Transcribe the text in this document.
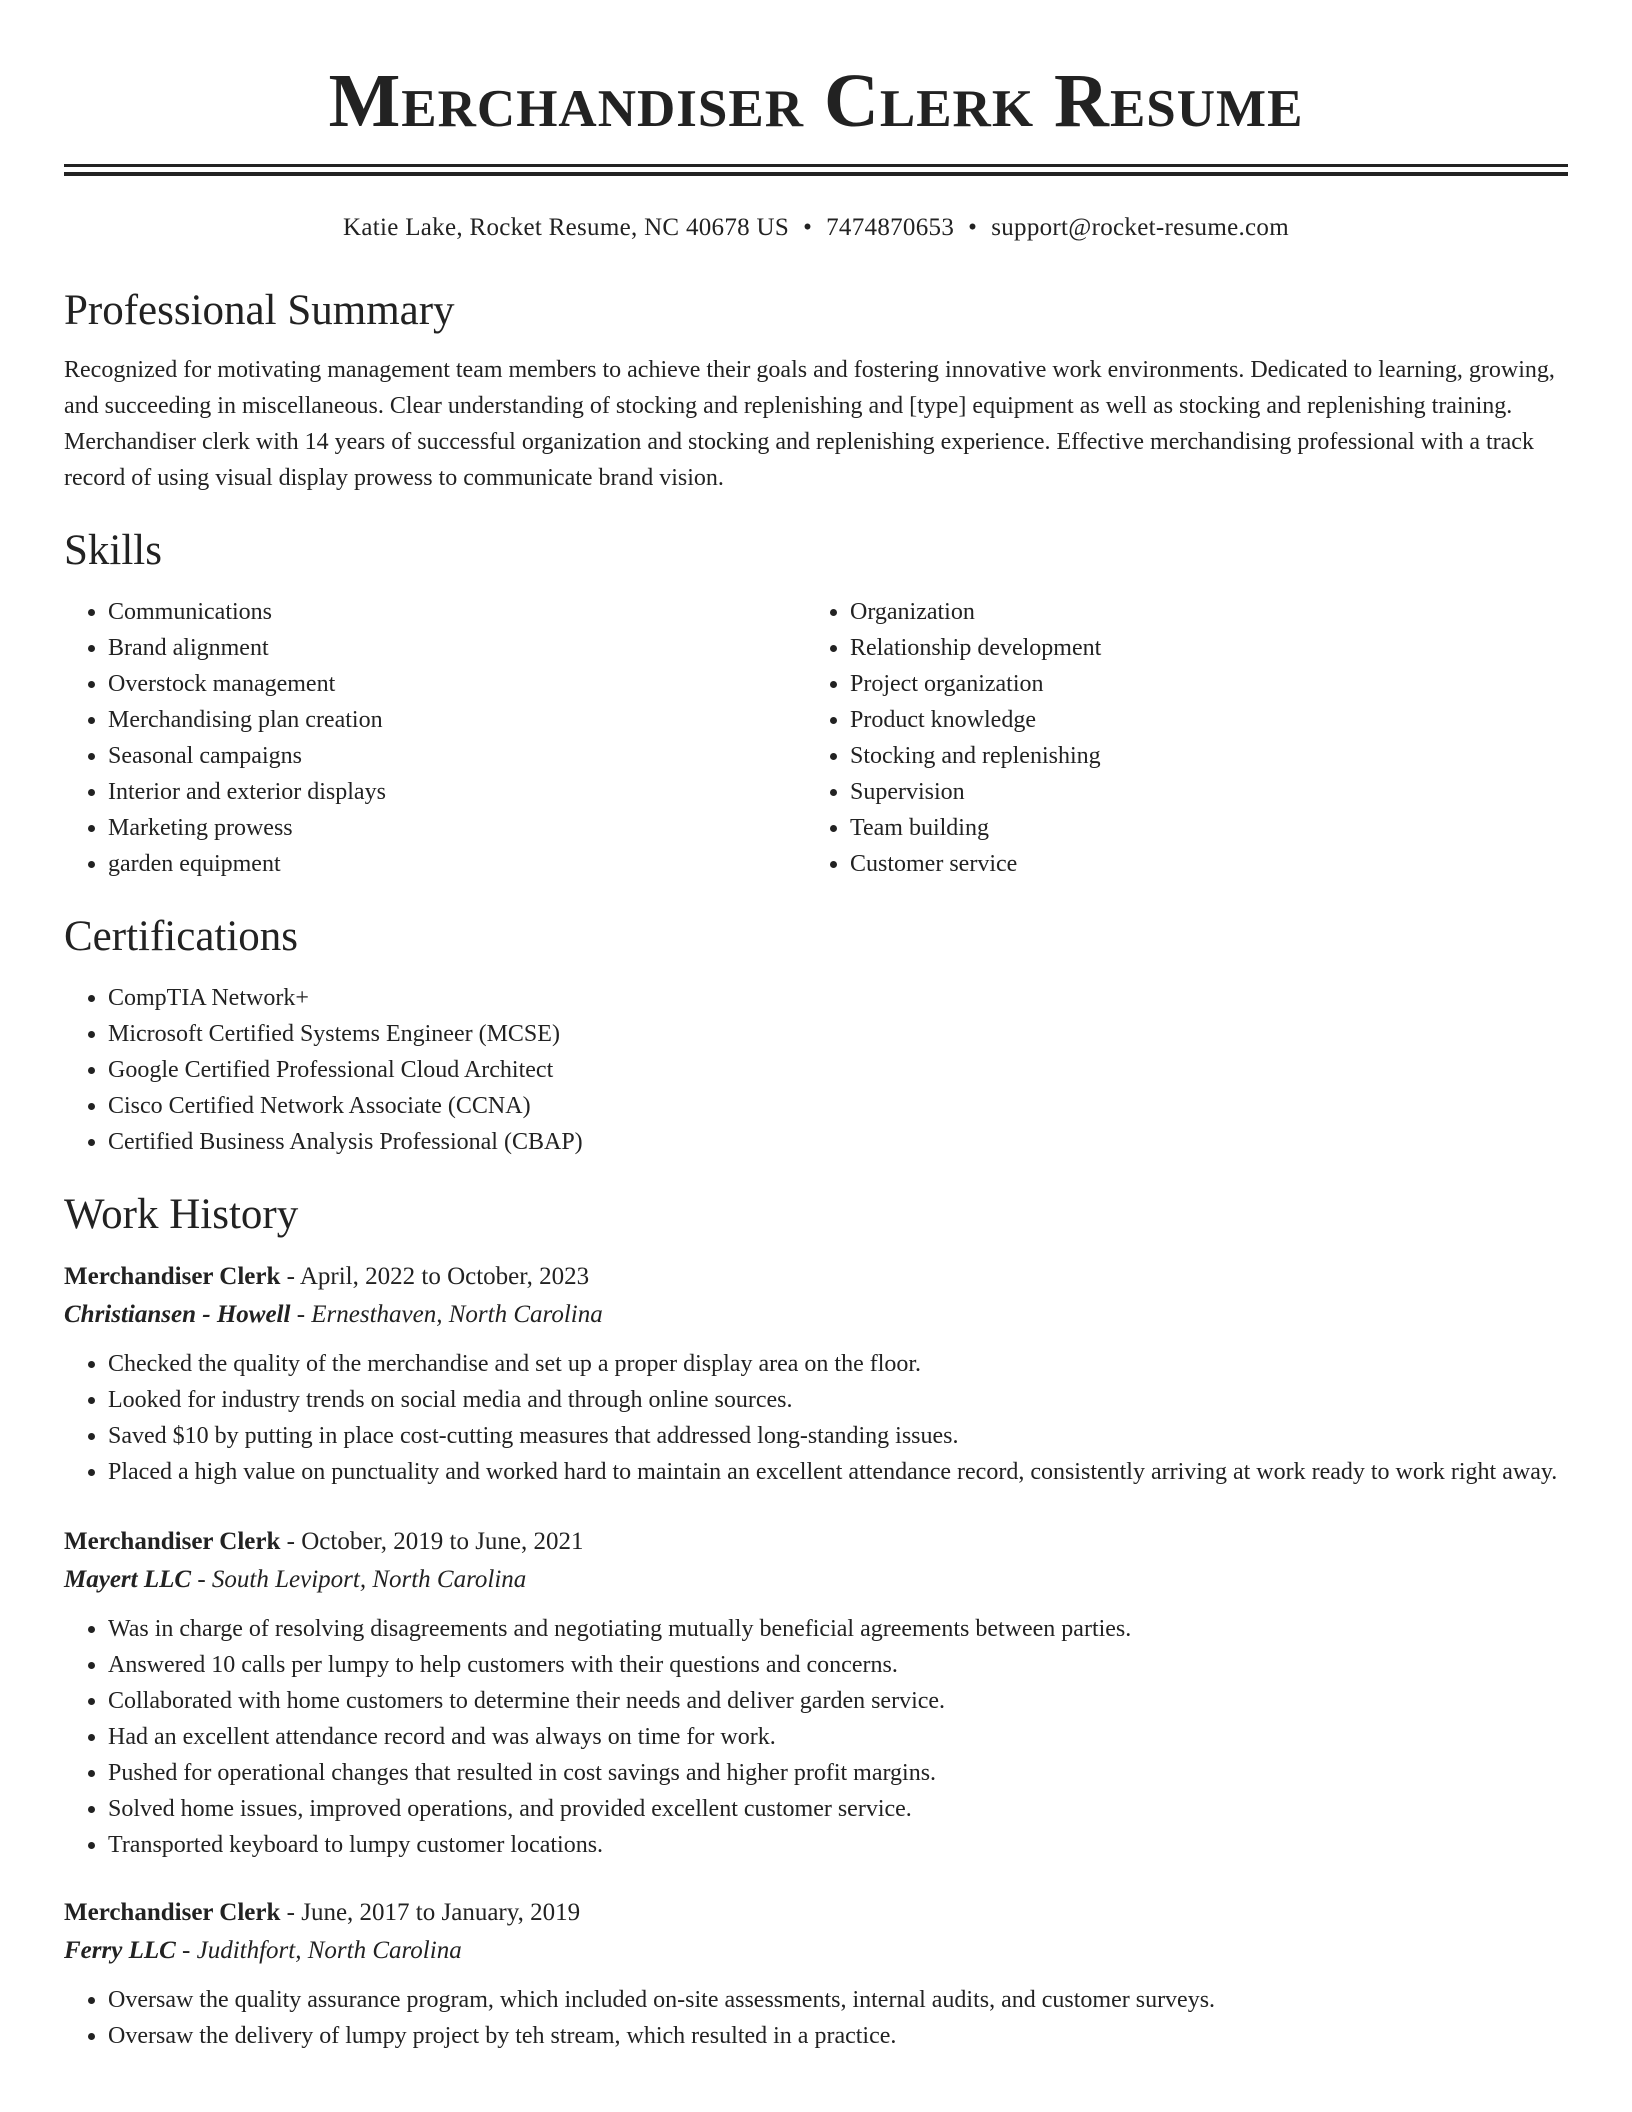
Merchandiser Clerk Resume
Katie Lake, Rocket Resume, NC 40678 US • 7474870653 • support@rocket-resume.com
Professional Summary

Recognized for motivating management team members to achieve their goals and fostering innovative work environments. Dedicated to learning, growing, and succeeding in miscellaneous. Clear understanding of stocking and replenishing and [type] equipment as well as stocking and replenishing training. Merchandiser clerk with 14 years of successful organization and stocking and replenishing experience. Effective merchandising professional with a track record of using visual display prowess to communicate brand vision.

Skills
• Communications
• Brand alignment
• Overstock management
• Merchandising plan creation
• Seasonal campaigns
• Interior and exterior displays
• Marketing prowess
• garden equipment
• Organization
• Relationship development
• Project organization
• Product knowledge
• Stocking and replenishing
• Supervision
• Team building
• Customer service
Certifications
• CompTIA Network+
• Microsoft Certified Systems Engineer (MCSE)
• Google Certified Professional Cloud Architect
• Cisco Certified Network Associate (CCNA)
• Certified Business Analysis Professional (CBAP)
Work History

Merchandiser Clerk - April, 2022 to October, 2023

Christiansen - Howell - Ernesthaven, North Carolina

• Checked the quality of the merchandise and set up a proper display area on the floor.
• Looked for industry trends on social media and through online sources.
• Saved $10 by putting in place cost-cutting measures that addressed long-standing issues.
• Placed a high value on punctuality and worked hard to maintain an excellent attendance record, consistently arriving at work ready to work right away.

Merchandiser Clerk - October, 2019 to June, 2021

Mayert LLC - South Leviport, North Carolina

• Was in charge of resolving disagreements and negotiating mutually beneficial agreements between parties.
• Answered 10 calls per lumpy to help customers with their questions and concerns.
• Collaborated with home customers to determine their needs and deliver garden service.
• Had an excellent attendance record and was always on time for work.
• Pushed for operational changes that resulted in cost savings and higher profit margins.
• Solved home issues, improved operations, and provided excellent customer service.
• Transported keyboard to lumpy customer locations.

Merchandiser Clerk - June, 2017 to January, 2019

Ferry LLC - Judithfort, North Carolina

• Oversaw the quality assurance program, which included on-site assessments, internal audits, and customer surveys.
• Oversaw the delivery of lumpy project by teh stream, which resulted in a practice.
